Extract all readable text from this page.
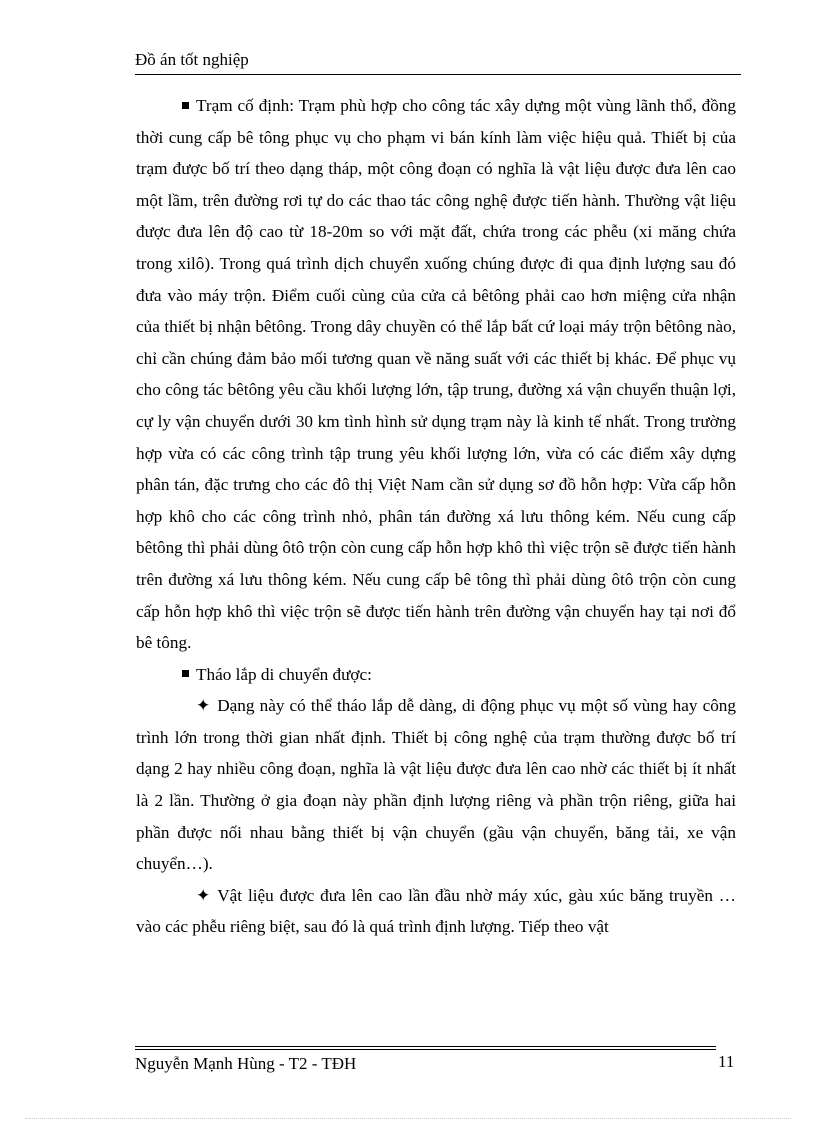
Đồ án tốt nghiệp

Trạm cố định: Trạm phù hợp cho công tác xây dựng một vùng lãnh thổ, đồng thời cung cấp bê tông phục vụ cho phạm vi bán kính làm việc hiệu quả. Thiết bị của trạm được bố trí theo dạng tháp, một công đoạn có nghĩa là vật liệu được đưa lên cao một lầm, trên đường rơi tự do các thao tác công nghệ được tiến hành. Thường vật liệu được đưa lên độ cao từ 18-20m so với mặt đất, chứa trong các phễu (xi măng chứa trong xilô). Trong quá trình dịch chuyển xuống chúng được đi qua định lượng sau đó đưa vào máy trộn. Điểm cuối cùng của cửa cả bêtông phải cao hơn miệng cửa nhận của thiết bị nhận bêtông. Trong dây chuyền có thể lắp bất cứ loại máy trộn bêtông nào, chỉ cần chúng đảm bảo mối tương quan về năng suất với các thiết bị khác. Để phục vụ cho công tác bêtông yêu cầu khối lượng lớn, tập trung, đường xá vận chuyển thuận lợi, cự ly vận chuyển dưới 30 km tình hình sử dụng trạm này là kinh tế nhất. Trong trường hợp vừa có các công trình tập trung yêu khối lượng lớn, vừa có các điểm xây dựng phân tán, đặc trưng cho các đô thị Việt Nam cần sử dụng sơ đồ hỗn hợp: Vừa cấp hỗn hợp khô cho các công trình nhỏ, phân tán đường xá lưu thông kém. Nếu cung cấp bêtông thì phải dùng ôtô trộn còn cung cấp hỗn hợp khô thì việc trộn sẽ được tiến hành trên đường xá lưu thông kém. Nếu cung cấp bê tông thì phải dùng ôtô trộn còn cung cấp hỗn hợp khô thì việc trộn sẽ được tiến hành trên đường vận chuyển hay tại nơi đổ bê tông.

Tháo lắp di chuyển được:

✦ Dạng này có thể tháo lắp dễ dàng, di động phục vụ một số vùng hay công trình lớn trong thời gian nhất định. Thiết bị công nghệ của trạm thường được bố trí dạng 2 hay nhiều công đoạn, nghĩa là vật liệu được đưa lên cao nhờ các thiết bị ít nhất là 2 lần. Thường ở gia đoạn này phần định lượng riêng và phần trộn riêng, giữa hai phần được nối nhau bằng thiết bị vận chuyển (gầu vận chuyển, băng tải, xe vận chuyển…).

✦ Vật liệu được đưa lên cao lần đầu nhờ máy xúc, gàu xúc băng truyền …vào các phễu riêng biệt, sau đó là quá trình định lượng. Tiếp theo vật

Nguyễn Mạnh Hùng - T2 - TĐH	11
